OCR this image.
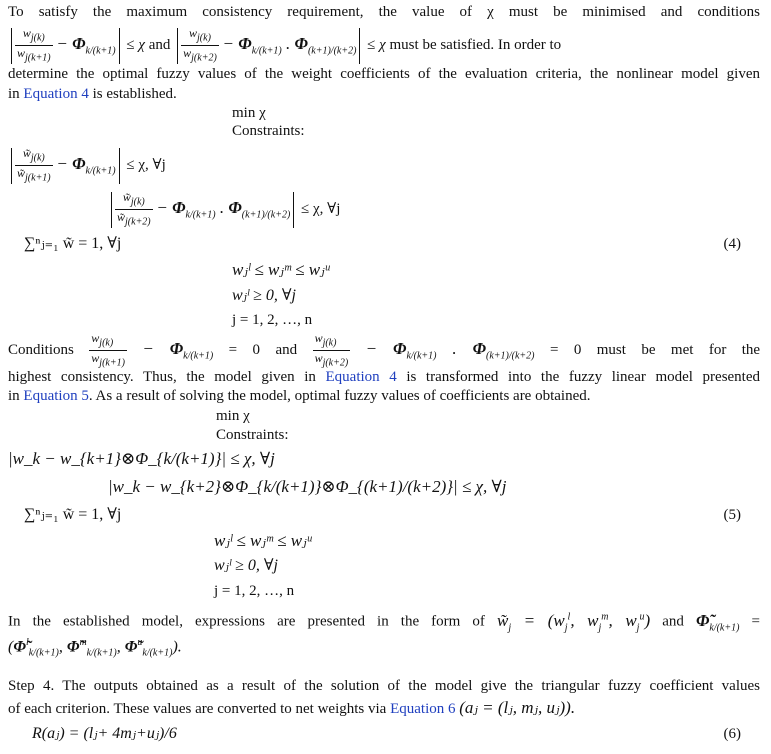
To satisfy the maximum consistency requirement, the value of χ must be minimised and conditions
$\frac{w_{j(k)}}{w_{j(k+1)}} - \Phi_{k/(k+1)} \le \chi$ and $\frac{w_{j(k)}}{w_{j(k+2)}} - \Phi_{k/(k+1)}$ . $\Phi_{(k+1)/(k+2)} \le \chi$ must be satisfied. In order to
determine the optimal fuzzy values of the weight coefficients of the evaluation criteria, the nonlinear model given
in Equation 4 is established.
min χ
Constraints:
$\frac{w̃_{j(k)}}{w̃_{j(k+1)}} - \Phi_{k/(k+1)} \le \chi$, ∀j
$\frac{w̃_{j(k)}}{w̃_{j(k+2)}} - \Phi_{k/(k+1)}$ . $\Phi_{(k+1)/(k+2)} \le \chi$, ∀j
∑ⁿⱼ₌₁ w̃ = 1, ∀j	(4)
wⱼˡ ≤ wⱼᵐ ≤ wⱼᵘ
wⱼˡ ≥ 0, ∀j
j = 1, 2, …, n
Conditions $\frac{w_{j(k)}}{w_{j(k+1)}} - \Phi_{k/(k+1)} = 0$ and $\frac{w_{j(k)}}{w_{j(k+2)}} - \Phi_{k/(k+1)}$ . $\Phi_{(k+1)/(k+2)} = 0$ must be met for the
highest consistency. Thus, the model given in Equation 4 is transformed into the fuzzy linear model presented
in Equation 5. As a result of solving the model, optimal fuzzy values of coefficients are obtained.
min χ
Constraints:
|w_k − w_{k+1}⊗Φ_{k/(k+1)}| ≤ χ, ∀j
|w_k − w_{k+2}⊗Φ_{k/(k+1)}⊗Φ_{(k+1)/(k+2)}| ≤ χ, ∀j
∑ⁿⱼ₌₁ w̃ = 1, ∀j	(5)
wⱼˡ ≤ wⱼᵐ ≤ wⱼᵘ
wⱼˡ ≥ 0, ∀j
j = 1, 2, …, n
In the established model, expressions are presented in the form of $w̃_j = (w_j^l$, $w_j^m$, $w_j^u$) and $\Phĩ_{k/(k+1)}$ =
(Φ̃$^l_{k/(k+1)}$, Φ̃$^m_{k/(k+1)}$, Φ̃$^u_{k/(k+1)}$).
Step 4. The outputs obtained as a result of the solution of the model give the triangular fuzzy coefficient values
of each criterion. These values are converted to net weights via Equation 6 (aⱼ = (lⱼ, mⱼ, uⱼ)).
R(aⱼ) = (lⱼ+ 4mⱼ+uⱼ)/6	(6)
